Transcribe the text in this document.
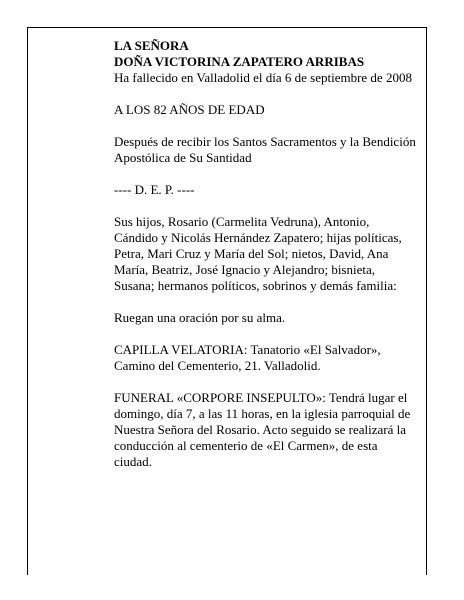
LA SEÑORA

DOÑA VICTORINA ZAPATERO ARRIBAS

Ha fallecido en Valladolid el día 6 de septiembre de 2008

A LOS 82 AÑOS DE EDAD

Después de recibir los Santos Sacramentos y la Bendición Apostólica de Su Santidad

---- D. E. P. ----

Sus hijos, Rosario (Carmelita Vedruna), Antonio, Cándido y Nicolás Hernández Zapatero; hijas políticas, Petra, Mari Cruz y María del Sol; nietos, David, Ana María, Beatriz, José Ignacio y Alejandro; bisnieta, Susana; hermanos políticos, sobrinos y demás familia:

Ruegan una oración por su alma.

CAPILLA VELATORIA: Tanatorio «El Salvador», Camino del Cementerio, 21. Valladolid.

FUNERAL «CORPORE INSEPULTO»: Tendrá lugar el domingo, día 7, a las 11 horas, en la iglesia parroquial de Nuestra Señora del Rosario. Acto seguido se realizará la conducción al cementerio de «El Carmen», de esta ciudad.
